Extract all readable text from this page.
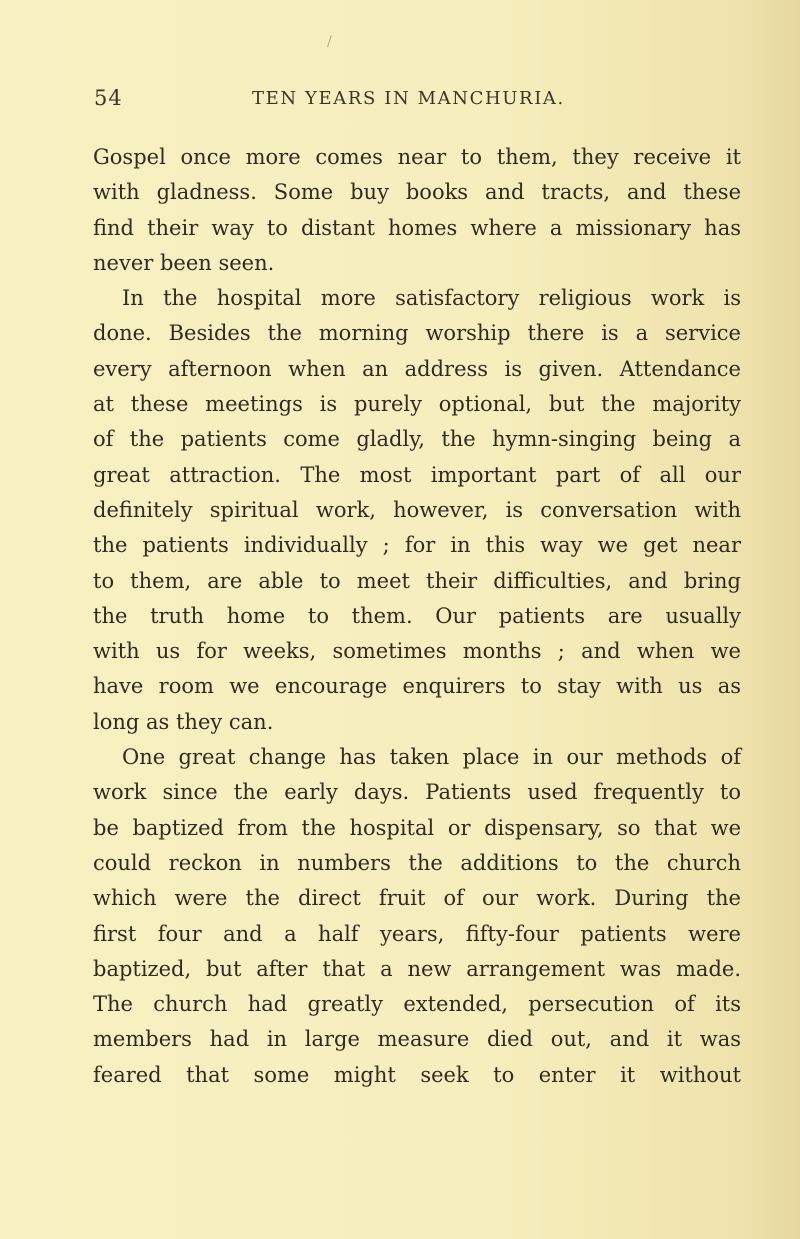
/
54	TEN YEARS IN MANCHURIA.
Gospel once more comes near to them, they receive it
with gladness. Some buy books and tracts, and these
find their way to distant homes where a missionary has
never been seen.
In the hospital more satisfactory religious work is
done. Besides the morning worship there is a service
every afternoon when an address is given. Attendance
at these meetings is purely optional, but the majority
of the patients come gladly, the hymn-singing being a
great attraction. The most important part of all our
definitely spiritual work, however, is conversation with
the patients individually ; for in this way we get near
to them, are able to meet their difficulties, and bring
the truth home to them. Our patients are usually
with us for weeks, sometimes months ; and when we
have room we encourage enquirers to stay with us as
long as they can.
One great change has taken place in our methods of
work since the early days. Patients used frequently to
be baptized from the hospital or dispensary, so that we
could reckon in numbers the additions to the church
which were the direct fruit of our work. During the
first four and a half years, fifty-four patients were
baptized, but after that a new arrangement was made.
The church had greatly extended, persecution of its
members had in large measure died out, and it was
feared that some might seek to enter it without
